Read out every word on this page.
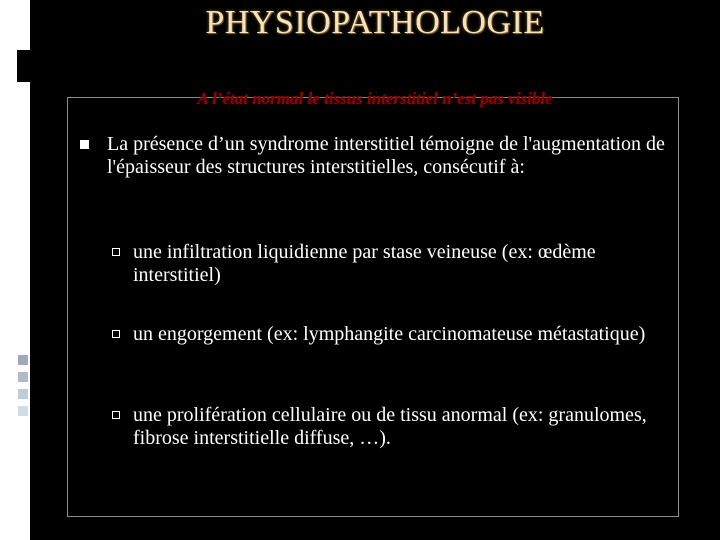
PHYSIOPATHOLOGIE
A l’état normal le tissus interstitiel n’est pas visible
La présence d’un syndrome interstitiel témoigne de l'augmentation de l'épaisseur des structures interstitielles, consécutif à:
une infiltration liquidienne par stase veineuse (ex: œdème interstitiel)
un engorgement (ex: lymphangite carcinomateuse métastatique)
une prolifération cellulaire ou de tissu anormal (ex: granulomes, fibrose interstitielle diffuse, …).
